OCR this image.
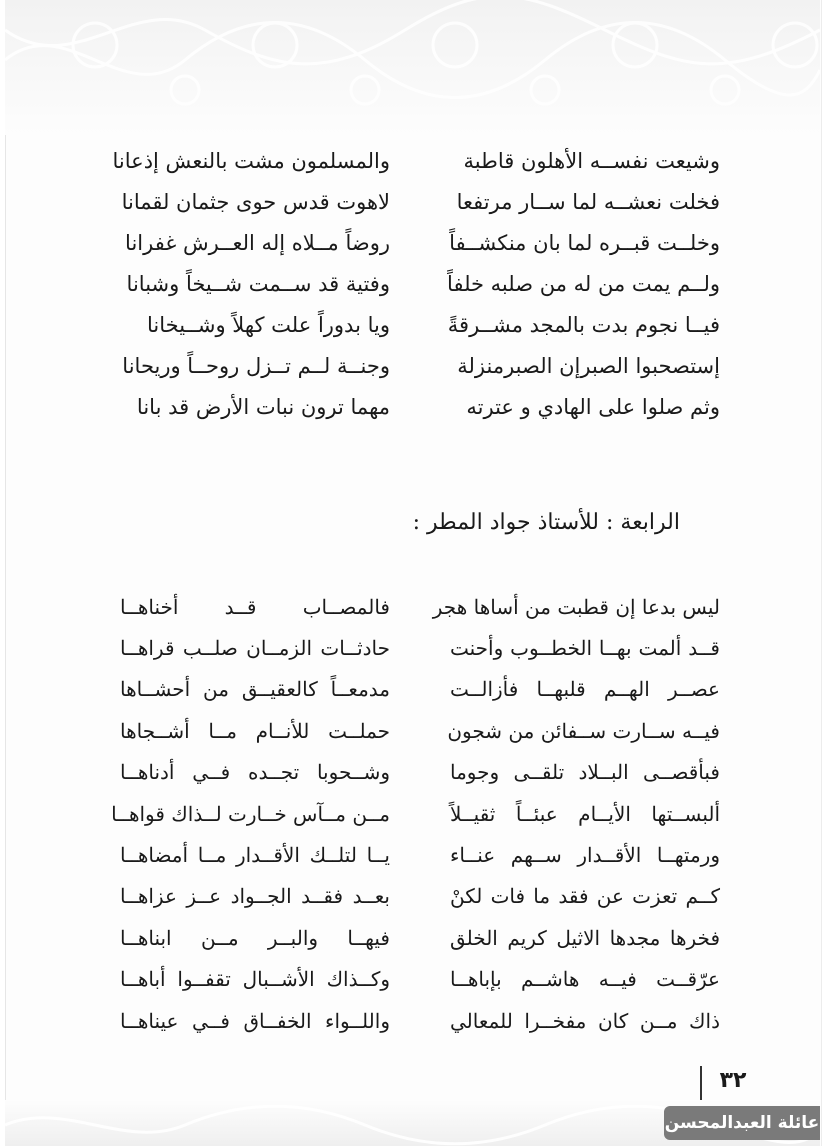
وشيعت نفســه الأهلون قاطبة
والمسلمون مشت بالنعش إذعانا
فخلت نعشــه لما ســار مرتفعا
لاهوت قدس حوى جثمان لقمانا
وخلــت قبــره لما بان منكشــفاً
روضاً مــلاه إله العــرش غفرانا
ولــم يمت من له من صلبه خلفاً
وفتية قد ســمت شــيخاً وشبانا
فيــا نجوم بدت بالمجد مشــرقةً
ويا بدوراً علت كهلاً وشــيخانا
إستصحبوا الصبرإن الصبرمنزلة
وجنــة لــم تــزل روحــاً وريحانا
وثم صلوا على الهادي و عترته
مهما ترون نبات الأرض قد بانا
الرابعة : للأستاذ جواد المطر :
ليس بدعا إن قطبت من أساها هجر
فالمصــاب قــد أخناهــا
قــد ألمت بهــا الخطــوب وأحنت
حادثــات الزمــان صلــب قراهــا
عصــر الهــم قلبهــا فأزالــت
مدمعــاً كالعقيــق من أحشــاها
فيــه ســارت ســفائن من شجون
حملــت للأنــام مــا أشــجاها
فبأقصــى البــلاد تلقــى وجوما
وشــحوبا تجــده فــي أدناهــا
ألبســتها الأيــام عبئــاً ثقيــلاً
مــن مــآس خــارت لــذاك قواهــا
ورمتهــا الأقــدار ســهم عنــاء
يــا لتلــك الأقــدار مــا أمضاهــا
كــم تعزت عن فقد ما فات لكنْ
بعــد فقــد الجــواد عــز عزاهــا
فخرها مجدها الاثيل كريم الخلق
فيهــا والبــر مــن ابناهــا
عرّقــت فيــه هاشــم بإباهــا
وكــذاك الأشــبال تقفــوا أباهــا
ذاك مــن كان مفخــرا للمعالي
واللــواء الخفــاق فــي عيناهــا
٣٢
عائلة العبدالمحسن
